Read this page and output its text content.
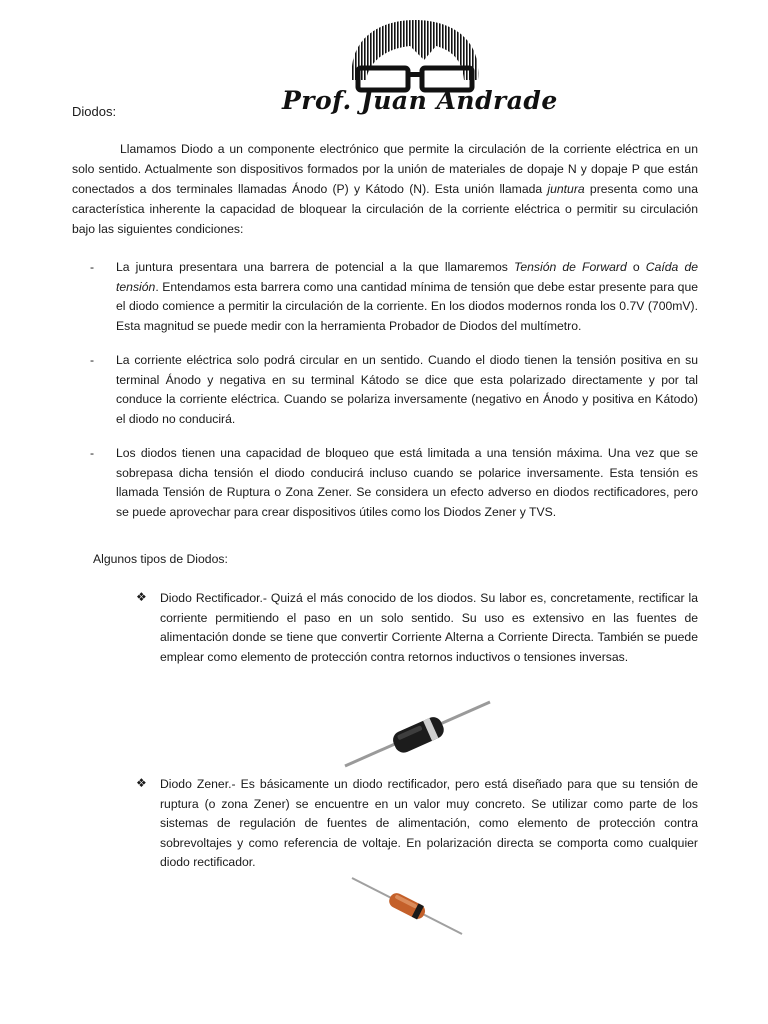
Prof. Juan Andrade
Diodos:
Llamamos Diodo a un componente electrónico que permite la circulación de la corriente eléctrica en un solo sentido. Actualmente son dispositivos formados por la unión de materiales de dopaje N y dopaje P que están conectados a dos terminales llamadas Ánodo (P) y Kátodo (N). Esta unión llamada juntura presenta como una característica inherente la capacidad de bloquear la circulación de la corriente eléctrica o permitir su circulación bajo las siguientes condiciones:
- La juntura presentara una barrera de potencial a la que llamaremos Tensión de Forward o Caída de tensión. Entendamos esta barrera como una cantidad mínima de tensión que debe estar presente para que el diodo comience a permitir la circulación de la corriente. En los diodos modernos ronda los 0.7V (700mV). Esta magnitud se puede medir con la herramienta Probador de Diodos del multímetro.
- La corriente eléctrica solo podrá circular en un sentido. Cuando el diodo tienen la tensión positiva en su terminal Ánodo y negativa en su terminal Kátodo se dice que esta polarizado directamente y por tal conduce la corriente eléctrica. Cuando se polariza inversamente (negativo en Ánodo y positiva en Kátodo) el diodo no conducirá.
- Los diodos tienen una capacidad de bloqueo que está limitada a una tensión máxima. Una vez que se sobrepasa dicha tensión el diodo conducirá incluso cuando se polarice inversamente. Esta tensión es llamada Tensión de Ruptura o Zona Zener. Se considera un efecto adverso en diodos rectificadores, pero se puede aprovechar para crear dispositivos útiles como los Diodos Zener y TVS.
Algunos tipos de Diodos:
❖ Diodo Rectificador.- Quizá el más conocido de los diodos. Su labor es, concretamente, rectificar la corriente permitiendo el paso en un solo sentido. Su uso es extensivo en las fuentes de alimentación donde se tiene que convertir Corriente Alterna a Corriente Directa. También se puede emplear como elemento de protección contra retornos inductivos o tensiones inversas.
❖ Diodo Zener.- Es básicamente un diodo rectificador, pero está diseñado para que su tensión de ruptura (o zona Zener) se encuentre en un valor muy concreto. Se utilizar como parte de los sistemas de regulación de fuentes de alimentación, como elemento de protección contra sobrevoltajes y como referencia de voltaje. En polarización directa se comporta como cualquier diodo rectificador.
